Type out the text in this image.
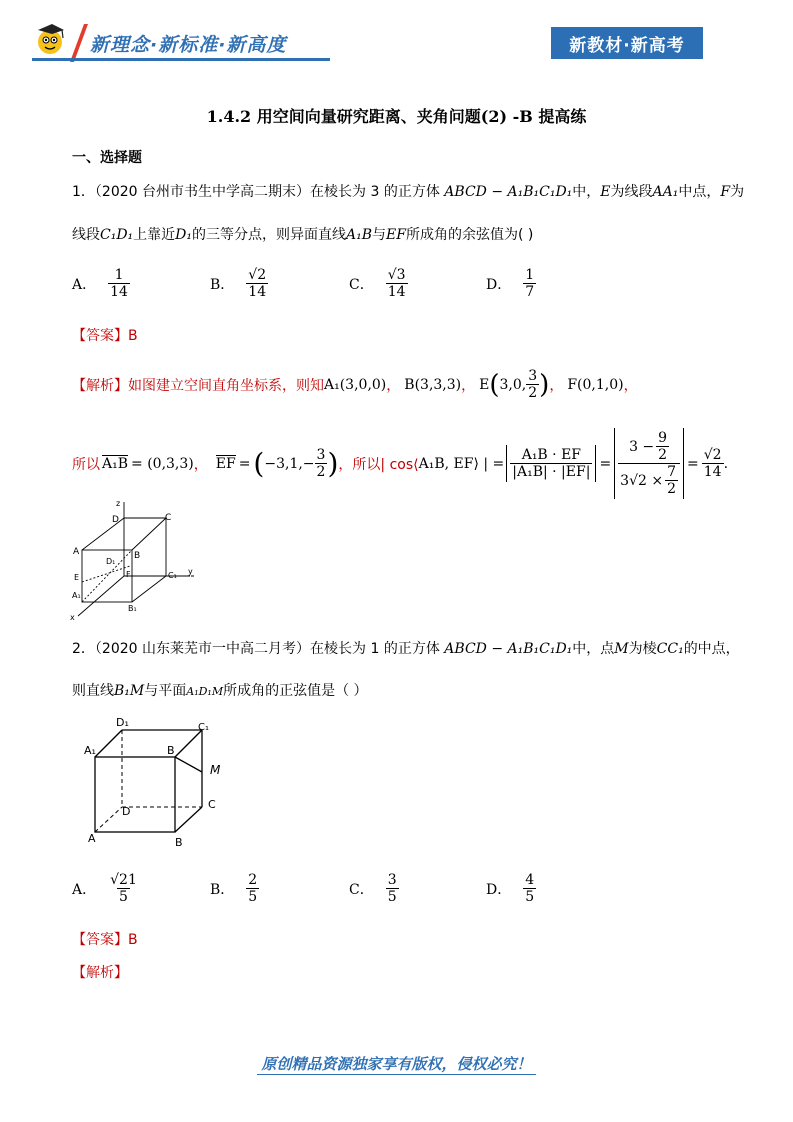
新理念·新标准·新高度	新教材·新高考
1.4.2 用空间向量研究距离、夹角问题(2) -B 提高练
一、选择题
1．（2020 台州市书生中学高二期末）在棱长为 3 的正方体 ABCD − A₁B₁C₁D₁中，E为线段AA₁中点，F为
线段C₁D₁上靠近D₁的三等分点，则异面直线A₁B与EF所成角的余弦值为( )
A． $\frac{1}{14}$	B． $\frac{√2}{14}$	C． $\frac{√3}{14}$	D． $\frac{1}{7}$
【答案】B
【解析】 如图建立空间直角坐标系，则知 A₁(3,0,0) ， B(3,3,3) ， E ( 3,0, $\frac{3}{2}$ ) ， F(0,1,0) ，
所以 A₁B = (0,3,3) ， EF = ( $-3,1,- \frac{3}{2}$ ) ，所以| cos⟨ A₁B, EF ⟩ | = $\frac{\text{A₁B · EF}}{\text{|A₁B| · |EF|}} = \frac{3 - \frac{9}{2}}{3√2 \times \frac{7}{2}} = \frac{√2}{14}$ .
z
D	C
A	B
D₁
C₁
F
E
A₁
B₁
y
x
2．（2020 山东莱芜市一中高二月考）在棱长为 1 的正方体 ABCD − A₁B₁C₁D₁中，点M为棱CC₁的中点，
则直线B₁M与平面A₁D₁M所成角的正弦值是（ ）
D₁	C₁
A₁	B
M
D
C
A	B
A． $\frac{√21}{5}$	B． $\frac{2}{5}$	C． $\frac{3}{5}$	D． $\frac{4}{5}$
【答案】B
【解析】
原创精品资源独家享有版权，侵权必究！
